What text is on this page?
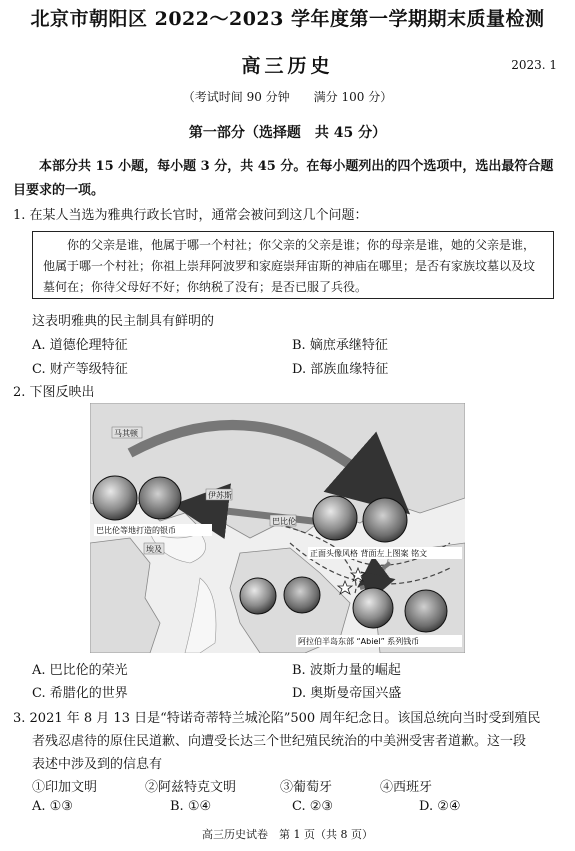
北京市朝阳区 2022～2023 学年度第一学期期末质量检测
高三历史	2023. 1
（考试时间 90 分钟　　满分 100 分）
第一部分（选择题　共 45 分）
本部分共 15 小题，每小题 3 分，共 45 分。在每小题列出的四个选项中，选出最符合题目要求的一项。
1. 在某人当选为雅典行政长官时，通常会被问到这几个问题：
你的父亲是谁，他属于哪一个村社；你父亲的父亲是谁；你的母亲是谁，她的父亲是谁，他属于哪一个村社；你祖上崇拜阿波罗和家庭崇拜宙斯的神庙在哪里；是否有家族坟墓以及坟墓何在；你待父母好不好；你纳税了没有；是否已服了兵役。
这表明雅典的民主制具有鲜明的
A. 道德伦理特征	B. 嫡庶承继特征
C. 财产等级特征	D. 部族血缘特征
2. 下图反映出
马其顿
伊苏斯
巴比伦
埃及
巴比伦等地打造的银币
正面头像风格 背面左上图案 铭文
阿拉伯半岛东部 “Abiel” 系列钱币
A. 巴比伦的荣光	B. 波斯力量的崛起
C. 希腊化的世界	D. 奥斯曼帝国兴盛
3. 2021 年 8 月 13 日是“特诺奇蒂特兰城沦陷”500 周年纪念日。该国总统向当时受到殖民
者残忍虐待的原住民道歉、向遭受长达三个世纪殖民统治的中美洲受害者道歉。这一段
表述中涉及到的信息有
①印加文明	②阿兹特克文明	③葡萄牙	④西班牙
A. ①③	B. ①④	C. ②③	D. ②④
高三历史试卷　第 1 页（共 8 页）
